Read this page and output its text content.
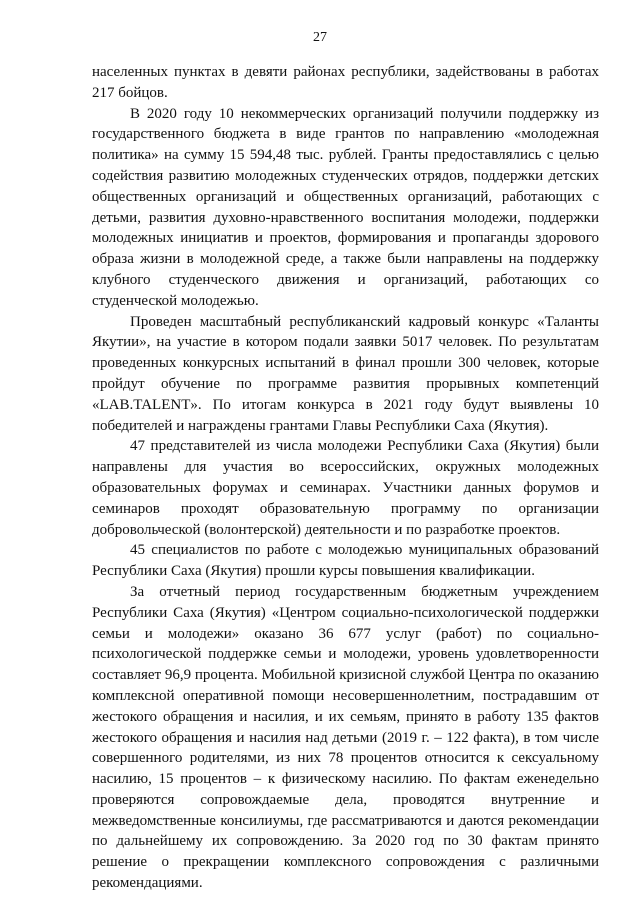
27

населенных пунктах в девяти районах республики, задействованы в работах 217 бойцов.

В 2020 году 10 некоммерческих организаций получили поддержку из государственного бюджета в виде грантов по направлению «молодежная политика» на сумму 15 594,48 тыс. рублей. Гранты предоставлялись с целью содействия развитию молодежных студенческих отрядов, поддержки детских общественных организаций и общественных организаций, работающих с детьми, развития духовно-нравственного воспитания молодежи, поддержки молодежных инициатив и проектов, формирования и пропаганды здорового образа жизни в молодежной среде, а также были направлены на поддержку клубного студенческого движения и организаций, работающих со студенческой молодежью.

Проведен масштабный республиканский кадровый конкурс «Таланты Якутии», на участие в котором подали заявки 5017 человек. По результатам проведенных конкурсных испытаний в финал прошли 300 человек, которые пройдут обучение по программе развития прорывных компетенций «LAB.TALENT». По итогам конкурса в 2021 году будут выявлены 10 победителей и награждены грантами Главы Республики Саха (Якутия).

47 представителей из числа молодежи Республики Саха (Якутия) были направлены для участия во всероссийских, окружных молодежных образовательных форумах и семинарах. Участники данных форумов и семинаров проходят образовательную программу по организации добровольческой (волонтерской) деятельности и по разработке проектов.

45 специалистов по работе с молодежью муниципальных образований Республики Саха (Якутия) прошли курсы повышения квалификации.

За отчетный период государственным бюджетным учреждением Республики Саха (Якутия) «Центром социально-психологической поддержки семьи и молодежи» оказано 36 677 услуг (работ) по социально-психологической поддержке семьи и молодежи, уровень удовлетворенности составляет 96,9 процента. Мобильной кризисной службой Центра по оказанию комплексной оперативной помощи несовершеннолетним, пострадавшим от жестокого обращения и насилия, и их семьям, принято в работу 135 фактов жестокого обращения и насилия над детьми (2019 г. – 122 факта), в том числе совершенного родителями, из них 78 процентов относится к сексуальному насилию, 15 процентов – к физическому насилию. По фактам еженедельно проверяются сопровождаемые дела, проводятся внутренние и межведомственные консилиумы, где рассматриваются и даются рекомендации по дальнейшему их сопровождению. За 2020 год по 30 фактам принято решение о прекращении комплексного сопровождения с различными рекомендациями.
